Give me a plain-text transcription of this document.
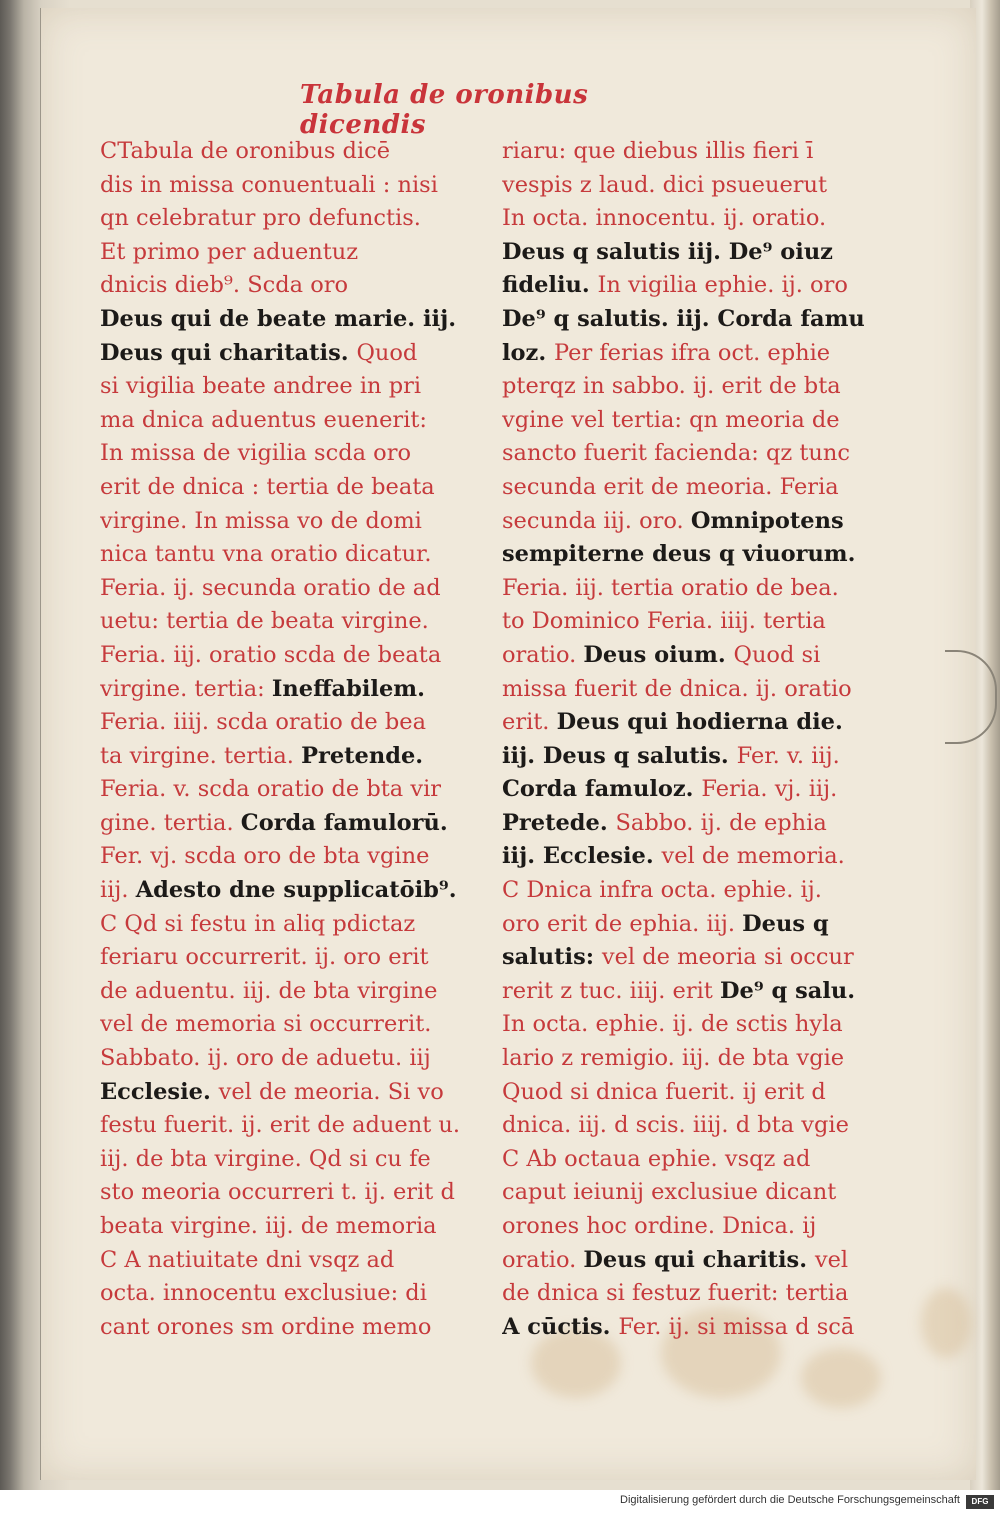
Tabula de oronibus dicendis
CTabula de oronibus dicē
dis in missa conuentuali : nisi
qn celebratur pro defunctis.
Et primo per aduentuz
dnicis dieb⁹. Scda oro
Deus qui de beate marie. iij.
Deus qui charitatis. Quod
si vigilia beate andree in pri
ma dnica aduentus euenerit:
In missa de vigilia scda oro
erit de dnica : tertia de beata
virgine. In missa vo de domi
nica tantu vna oratio dicatur.
Feria. ij. secunda oratio de ad
uetu: tertia de beata virgine.
Feria. iij. oratio scda de beata
virgine. tertia: Ineffabilem.
Feria. iiij. scda oratio de bea
ta virgine. tertia. Pretende.
Feria. v. scda oratio de bta vir
gine. tertia. Corda famulorū.
Fer. vj. scda oro de bta vgine
iij. Adesto dne supplicatōib⁹.
C Qd si festu in aliq pdictaz
feriaru occurrerit. ij. oro erit
de aduentu. iij. de bta virgine
vel de memoria si occurrerit.
Sabbato. ij. oro de aduetu. iij
Ecclesie. vel de meoria. Si vo
festu fuerit. ij. erit de aduent u.
iij. de bta virgine. Qd si cu fe
sto meoria occurreri t. ij. erit d
beata virgine. iij. de memoria
C A natiuitate dni vsqz ad
octa. innocentu exclusiue: di
cant orones sm ordine memo
riaru: que diebus illis fieri ī
vespis z laud. dici psueuerut
In octa. innocentu. ij. oratio.
Deus q salutis iij. De⁹ oiuz
fideliu. In vigilia ephie. ij. oro
De⁹ q salutis. iij. Corda famu
loz. Per ferias ifra oct. ephie
pterqz in sabbo. ij. erit de bta
vgine vel tertia: qn meoria de
sancto fuerit facienda: qz tunc
secunda erit de meoria. Feria
secunda iij. oro. Omnipotens
sempiterne deus q viuorum.
Feria. iij. tertia oratio de bea.
to Dominico Feria. iiij. tertia
oratio. Deus oium. Quod si
missa fuerit de dnica. ij. oratio
erit. Deus qui hodierna die.
iij. Deus q salutis. Fer. v. iij.
Corda famuloz. Feria. vj. iij.
Pretede. Sabbo. ij. de ephia
iij. Ecclesie. vel de memoria.
C Dnica infra octa. ephie. ij.
oro erit de ephia. iij. Deus q
salutis: vel de meoria si occur
rerit z tuc. iiij. erit De⁹ q salu.
In octa. ephie. ij. de sctis hyla
lario z remigio. iij. de bta vgie
Quod si dnica fuerit. ij erit d
dnica. iij. d scis. iiij. d bta vgie
C Ab octaua ephie. vsqz ad
caput ieiunij exclusiue dicant
orones hoc ordine. Dnica. ij
oratio. Deus qui charitis. vel
de dnica si festuz fuerit: tertia
A cūctis. Fer. ij. si missa d scā
Digitalisierung gefördert durch die Deutsche Forschungsgemeinschaft	DFG
